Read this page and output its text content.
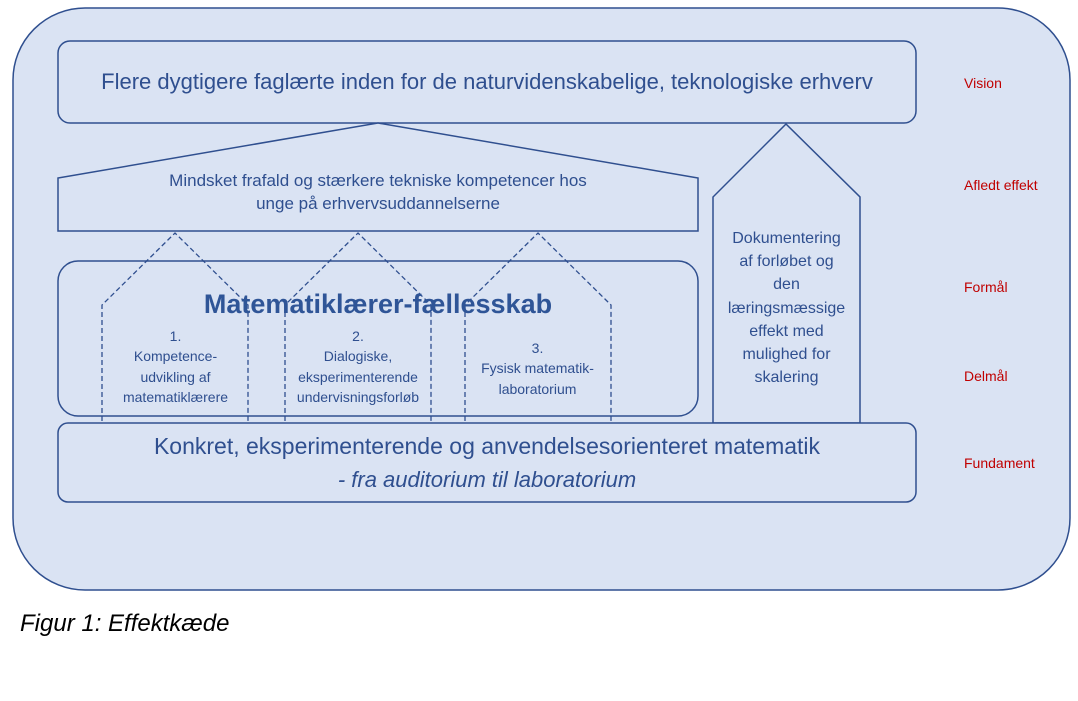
Flere dygtigere faglærte inden for de naturvidenskabelige, teknologiske erhverv
Mindsket frafald og stærkere tekniske kompetencer hos
unge på erhvervsuddannelserne
Matematiklærer-fællesskab
1.
Kompetence-
udvikling af
matematiklærere
2.
Dialogiske,
eksperimenterende
undervisningsforløb
3.
Fysisk matematik-
laboratorium
Dokumentering
af forløbet og
den
læringsmæssige
effekt med
mulighed for
skalering
Konkret, eksperimenterende og anvendelsesorienteret matematik
- fra auditorium til laboratorium
Vision
Afledt effekt
Formål
Delmål
Fundament
Figur 1: Effektkæde
